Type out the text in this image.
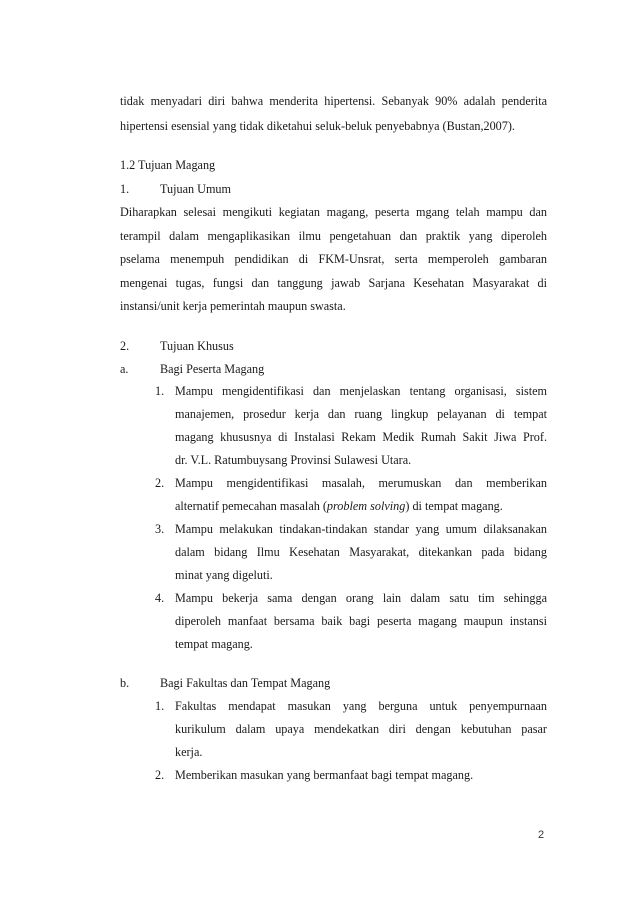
tidak menyadari diri bahwa menderita hipertensi. Sebanyak 90% adalah penderita
hipertensi esensial yang tidak diketahui seluk-beluk penyebabnya (Bustan,2007).
1.2 Tujuan Magang
1.	Tujuan Umum
Diharapkan selesai mengikuti kegiatan magang, peserta mgang telah mampu dan
terampil dalam mengaplikasikan ilmu pengetahuan dan praktik yang diperoleh
pselama menempuh pendidikan di FKM-Unsrat, serta memperoleh gambaran
mengenai tugas, fungsi dan tanggung jawab Sarjana Kesehatan Masyarakat di
instansi/unit kerja pemerintah maupun swasta.
2.	Tujuan Khusus
a.	Bagi Peserta Magang
1. Mampu mengidentifikasi dan menjelaskan tentang organisasi, sistem
manajemen, prosedur kerja dan ruang lingkup pelayanan di tempat
magang khususnya di Instalasi Rekam Medik Rumah Sakit Jiwa Prof.
dr. V.L. Ratumbuysang Provinsi Sulawesi Utara.
2. Mampu mengidentifikasi masalah, merumuskan dan memberikan
alternatif pemecahan masalah (problem solving) di tempat magang.
3. Mampu melakukan tindakan-tindakan standar yang umum dilaksanakan
dalam bidang Ilmu Kesehatan Masyarakat, ditekankan pada bidang
minat yang digeluti.
4. Mampu bekerja sama dengan orang lain dalam satu tim sehingga
diperoleh manfaat bersama baik bagi peserta magang maupun instansi
tempat magang.
b.	Bagi Fakultas dan Tempat Magang
1. Fakultas mendapat masukan yang berguna untuk penyempurnaan
kurikulum dalam upaya mendekatkan diri dengan kebutuhan pasar
kerja.
2. Memberikan masukan yang bermanfaat bagi tempat magang.
2
